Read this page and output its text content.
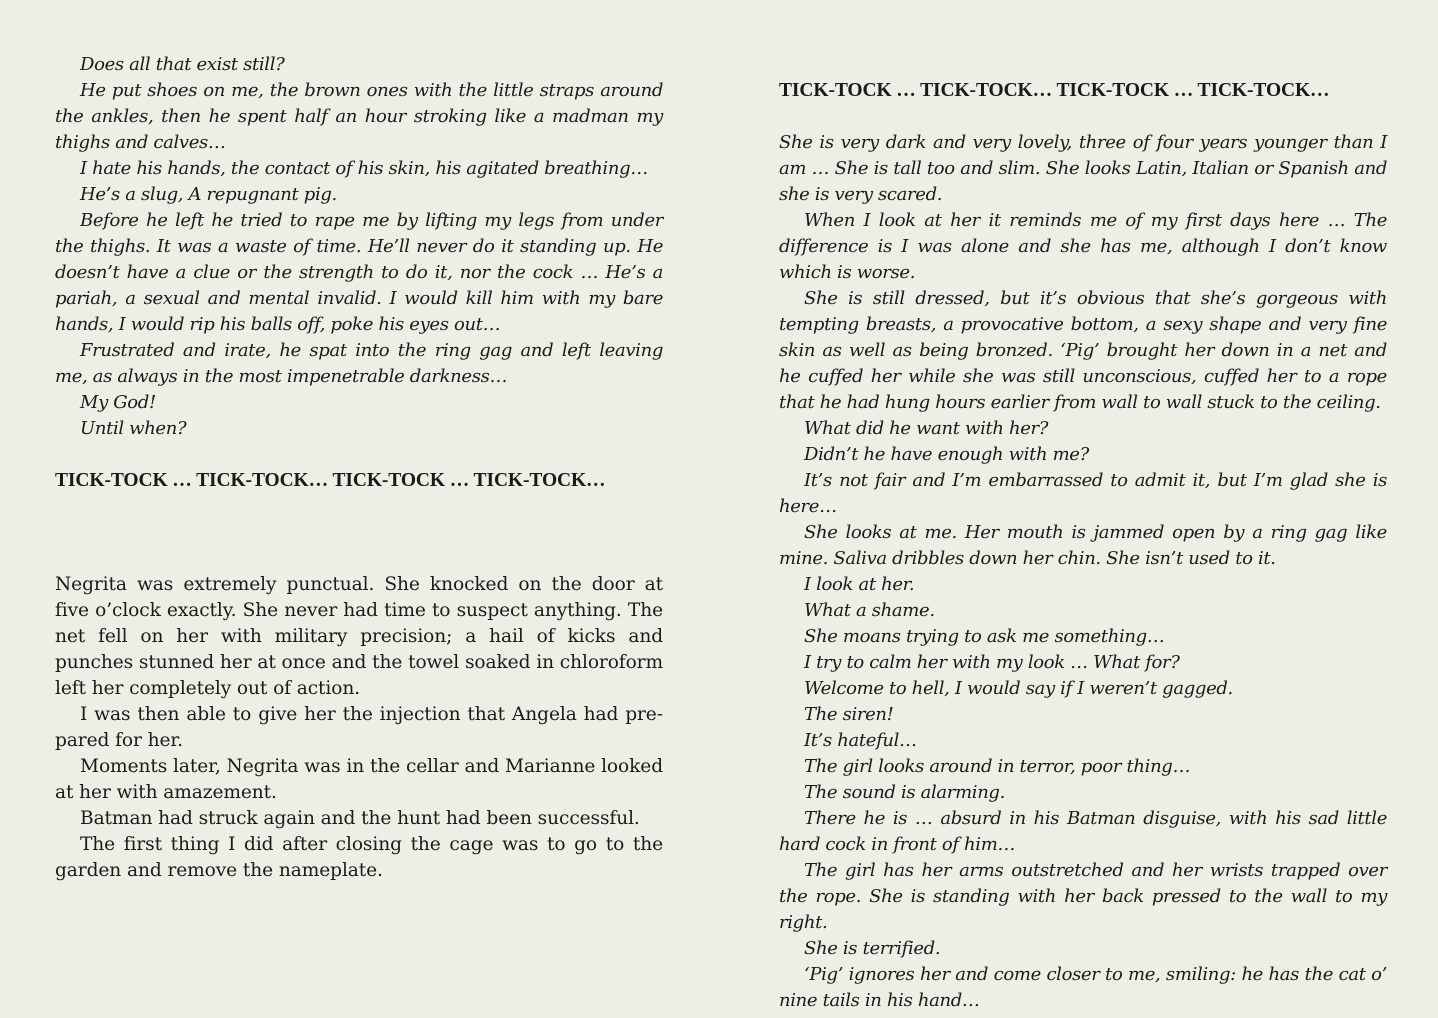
Does all that exist still?

He put shoes on me, the brown ones with the little straps around the ankles, then he spent half an hour stroking like a madman my thighs and calves…

I hate his hands, the contact of his skin, his agitated breathing…

He’s a slug, A repugnant pig.

Before he left he tried to rape me by lifting my legs from under the thighs. It was a waste of time. He’ll never do it standing up. He doesn’t have a clue or the strength to do it, nor the cock … He’s a pariah, a sexual and mental invalid. I would kill him with my bare hands, I would rip his balls off, poke his eyes out…

Frustrated and irate, he spat into the ring gag and left leaving me, as always in the most impenetrable darkness…

My God!

Until when?

TICK-TOCK … TICK-TOCK… TICK-TOCK … TICK-TOCK…

Negrita was extremely punctual. She knocked on the door at five o’clock exactly. She never had time to suspect anything. The net fell on her with military precision; a hail of kicks and punches stunned her at once and the towel soaked in chloroform left her completely out of action.

I was then able to give her the injection that Angela had prepared for her.

Moments later, Negrita was in the cellar and Marianne looked at her with amazement.

Batman had struck again and the hunt had been successful.

The first thing I did after closing the cage was to go to the garden and remove the nameplate.

TICK-TOCK … TICK-TOCK… TICK-TOCK … TICK-TOCK…

She is very dark and very lovely, three of four years younger than I am … She is tall too and slim. She looks Latin, Italian or Spanish and she is very scared.

When I look at her it reminds me of my first days here … The difference is I was alone and she has me, although I don’t know which is worse.

She is still dressed, but it’s obvious that she’s gorgeous with tempting breasts, a provocative bottom, a sexy shape and very fine skin as well as being bronzed. ‘Pig’ brought her down in a net and he cuffed her while she was still unconscious, cuffed her to a rope that he had hung hours earlier from wall to wall stuck to the ceiling.

What did he want with her?

Didn’t he have enough with me?

It’s not fair and I’m embarrassed to admit it, but I’m glad she is here…

She looks at me. Her mouth is jammed open by a ring gag like mine. Saliva dribbles down her chin. She isn’t used to it.

I look at her.

What a shame.

She moans trying to ask me something…

I try to calm her with my look … What for?

Welcome to hell, I would say if I weren’t gagged.

The siren!

It’s hateful…

The girl looks around in terror, poor thing…

The sound is alarming.

There he is … absurd in his Batman disguise, with his sad little hard cock in front of him…

The girl has her arms outstretched and her wrists trapped over the rope. She is standing with her back pressed to the wall to my right.

She is terrified.

‘Pig’ ignores her and come closer to me, smiling: he has the cat o’ nine tails in his hand…
